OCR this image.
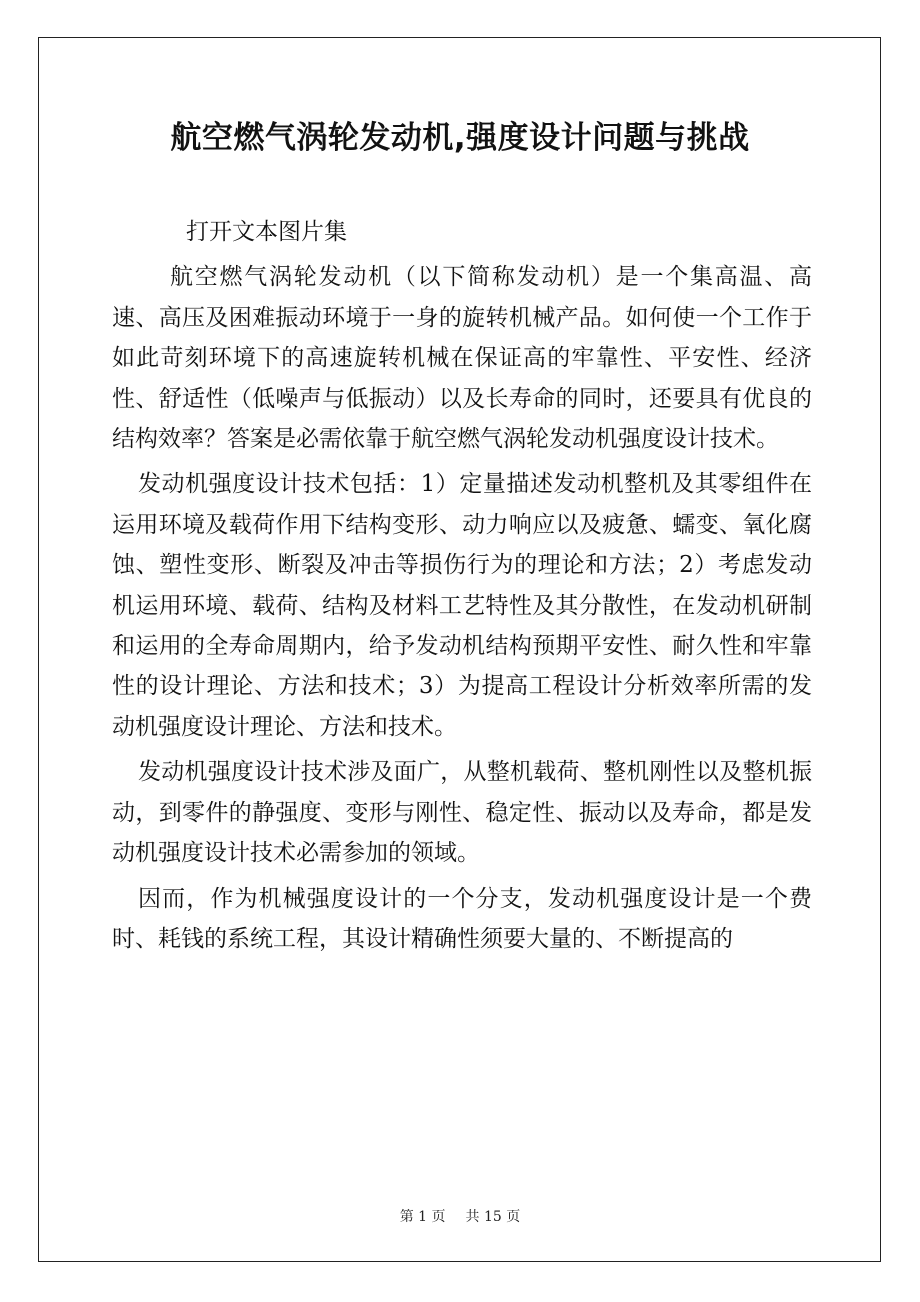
航空燃气涡轮发动机,强度设计问题与挑战

打开文本图片集

航空燃气涡轮发动机（以下简称发动机）是一个集高温、高速、高压及困难振动环境于一身的旋转机械产品。如何使一个工作于如此苛刻环境下的高速旋转机械在保证高的牢靠性、平安性、经济性、舒适性（低噪声与低振动）以及长寿命的同时，还要具有优良的结构效率？答案是必需依靠于航空燃气涡轮发动机强度设计技术。

发动机强度设计技术包括：1）定量描述发动机整机及其零组件在运用环境及载荷作用下结构变形、动力响应以及疲惫、蠕变、氧化腐蚀、塑性变形、断裂及冲击等损伤行为的理论和方法；2）考虑发动机运用环境、载荷、结构及材料工艺特性及其分散性，在发动机研制和运用的全寿命周期内，给予发动机结构预期平安性、耐久性和牢靠性的设计理论、方法和技术；3）为提高工程设计分析效率所需的发动机强度设计理论、方法和技术。

发动机强度设计技术涉及面广，从整机载荷、整机刚性以及整机振动，到零件的静强度、变形与刚性、稳定性、振动以及寿命，都是发动机强度设计技术必需参加的领域。

因而，作为机械强度设计的一个分支，发动机强度设计是一个费时、耗钱的系统工程，其设计精确性须要大量的、不断提高的

第 1 页 共 15 页
